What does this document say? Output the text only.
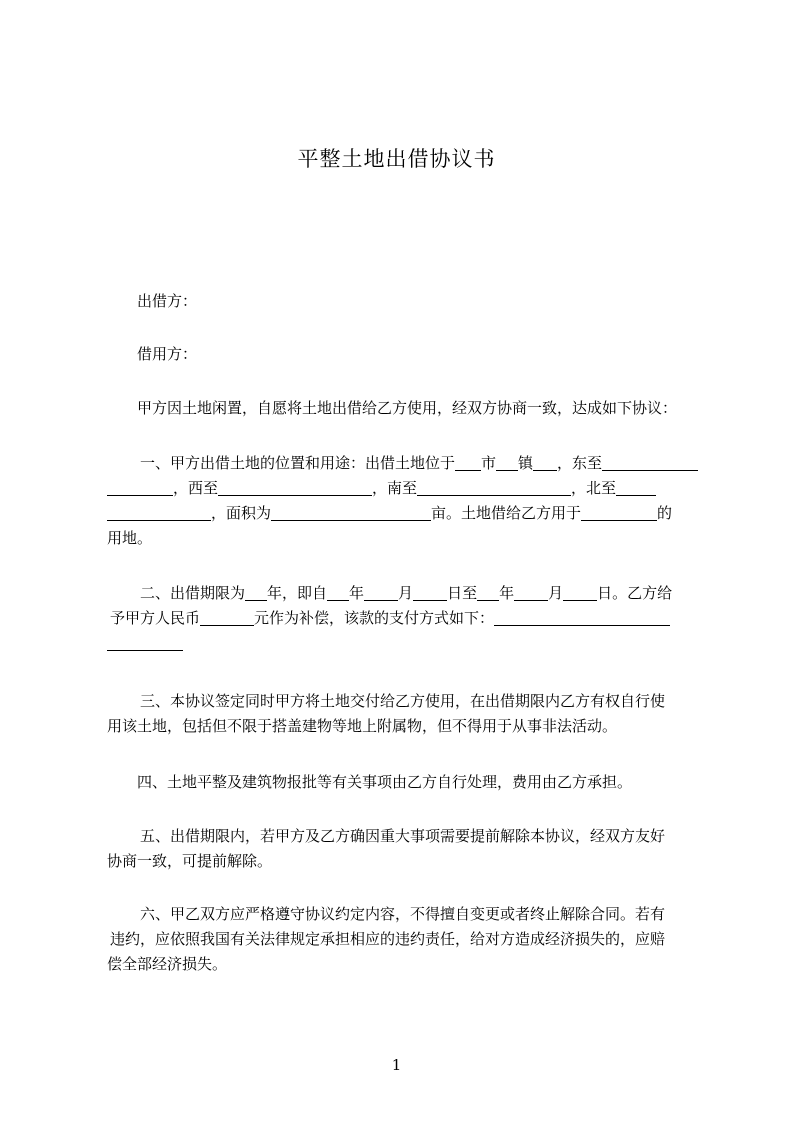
平整土地出借协议书
出借方：
借用方：
甲方因土地闲置，自愿将土地出借给乙方使用，经双方协商一致，达成如下协议：
一、甲方出借土地的位置和用途：出借土地位于 市 镇 ，东至
，西至	，南至	，北至
，面积为	亩。土地借给乙方用于	的
用地。
二、出借期限为 年，即自 年 月 日至 年 月 日。乙方给
予甲方人民币	元作为补偿，该款的支付方式如下：
三、本协议签定同时甲方将土地交付给乙方使用，在出借期限内乙方有权自行使
用该土地，包括但不限于搭盖建物等地上附属物，但不得用于从事非法活动。
四、土地平整及建筑物报批等有关事项由乙方自行处理，费用由乙方承担。
五、出借期限内，若甲方及乙方确因重大事项需要提前解除本协议，经双方友好
协商一致，可提前解除。
六、甲乙双方应严格遵守协议约定内容，不得擅自变更或者终止解除合同。若有
违约，应依照我国有关法律规定承担相应的违约责任，给对方造成经济损失的，应赔
偿全部经济损失。
1
